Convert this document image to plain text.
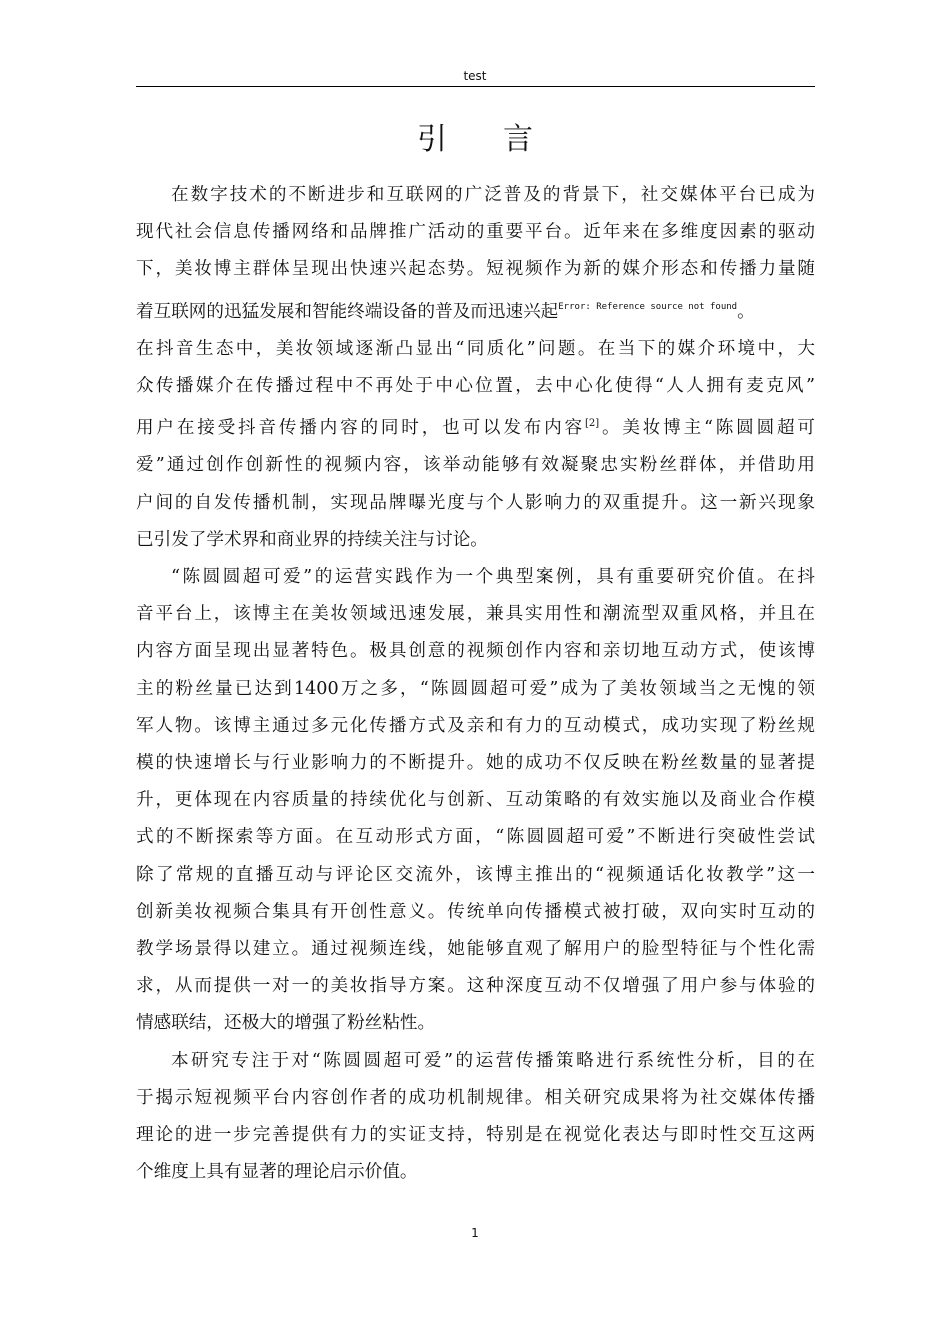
test
引 言
在数字技术的不断进步和互联网的广泛普及的背景下，社交媒体平台已成为
现代社会信息传播网络和品牌推广活动的重要平台。近年来在多维度因素的驱动
下，美妆博主群体呈现出快速兴起态势。短视频作为新的媒介形态和传播力量随
着互联网的迅猛发展和智能终端设备的普及而迅速兴起$^{Error: Reference source not found}$。
在抖音生态中，美妆领域逐渐凸显出“同质化”问题。在当下的媒介环境中，大
众传播媒介在传播过程中不再处于中心位置，去中心化使得“人人拥有麦克风”
用户在接受抖音传播内容的同时，也可以发布内容[2]。美妆博主“陈圆圆超可
爱”通过创作创新性的视频内容，该举动能够有效凝聚忠实粉丝群体，并借助用
户间的自发传播机制，实现品牌曝光度与个人影响力的双重提升。这一新兴现象
已引发了学术界和商业界的持续关注与讨论。
“陈圆圆超可爱”的运营实践作为一个典型案例，具有重要研究价值。在抖
音平台上，该博主在美妆领域迅速发展，兼具实用性和潮流型双重风格，并且在
内容方面呈现出显著特色。极具创意的视频创作内容和亲切地互动方式，使该博
主的粉丝量已达到1400万之多，“陈圆圆超可爱”成为了美妆领域当之无愧的领
军人物。该博主通过多元化传播方式及亲和有力的互动模式，成功实现了粉丝规
模的快速增长与行业影响力的不断提升。她的成功不仅反映在粉丝数量的显著提
升，更体现在内容质量的持续优化与创新、互动策略的有效实施以及商业合作模
式的不断探索等方面。在互动形式方面，“陈圆圆超可爱”不断进行突破性尝试
除了常规的直播互动与评论区交流外，该博主推出的“视频通话化妆教学”这一
创新美妆视频合集具有开创性意义。传统单向传播模式被打破，双向实时互动的
教学场景得以建立。通过视频连线，她能够直观了解用户的脸型特征与个性化需
求，从而提供一对一的美妆指导方案。这种深度互动不仅增强了用户参与体验的
情感联结，还极大的增强了粉丝粘性。
本研究专注于对“陈圆圆超可爱”的运营传播策略进行系统性分析，目的在
于揭示短视频平台内容创作者的成功机制规律。相关研究成果将为社交媒体传播
理论的进一步完善提供有力的实证支持，特别是在视觉化表达与即时性交互这两
个维度上具有显著的理论启示价值。
1
